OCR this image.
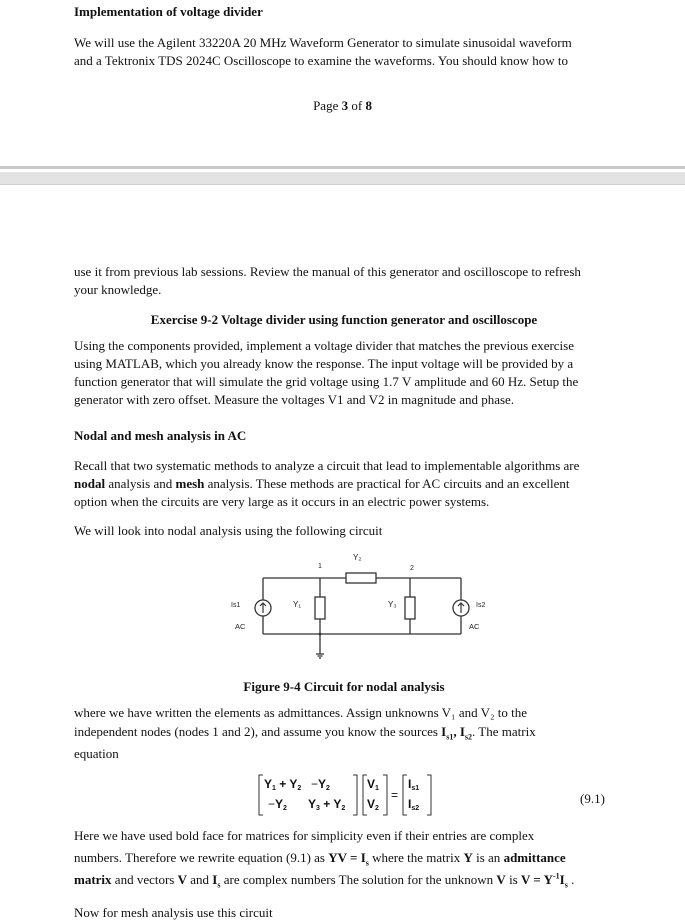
Implementation of voltage divider
We will use the Agilent 33220A 20 MHz Waveform Generator to simulate sinusoidal waveform
and a Tektronix TDS 2024C Oscilloscope to examine the waveforms. You should know how to
Page 3 of 8
use it from previous lab sessions. Review the manual of this generator and oscilloscope to refresh
your knowledge.
Exercise 9-2 Voltage divider using function generator and oscilloscope
Using the components provided, implement a voltage divider that matches the previous exercise
using MATLAB, which you already know the response. The input voltage will be provided by a
function generator that will simulate the grid voltage using 1.7 V amplitude and 60 Hz. Setup the
generator with zero offset. Measure the voltages V1 and V2 in magnitude and phase.
Nodal and mesh analysis in AC
Recall that two systematic methods to analyze a circuit that lead to implementable algorithms are
nodal analysis and mesh analysis. These methods are practical for AC circuits and an excellent
option when the circuits are very large as it occurs in an electric power systems.
We will look into nodal analysis using the following circuit
1	2
Y₂
Y₁	Y₃
Is1	Is2
AC	AC
Figure 9-4 Circuit for nodal analysis
where we have written the elements as admittances. Assign unknowns V₁ and V₂ to the
independent nodes (nodes 1 and 2), and assume you know the sources $I_{s1}$, $I_{s2}$. The matrix
equation
Y1 + Y2 −Y2
−Y2 Y3 + Y2
V1
V2
=
Is1
Is2
(9.1)
Here we have used bold face for matrices for simplicity even if their entries are complex
numbers. Therefore we rewrite equation (9.1) as YV = $I_s$ where the matrix Y is an admittance
matrix and vectors V and $I_s$ are complex numbers The solution for the unknown V is $V = Y^{-1}I_s$ .
Now for mesh analysis use this circuit
